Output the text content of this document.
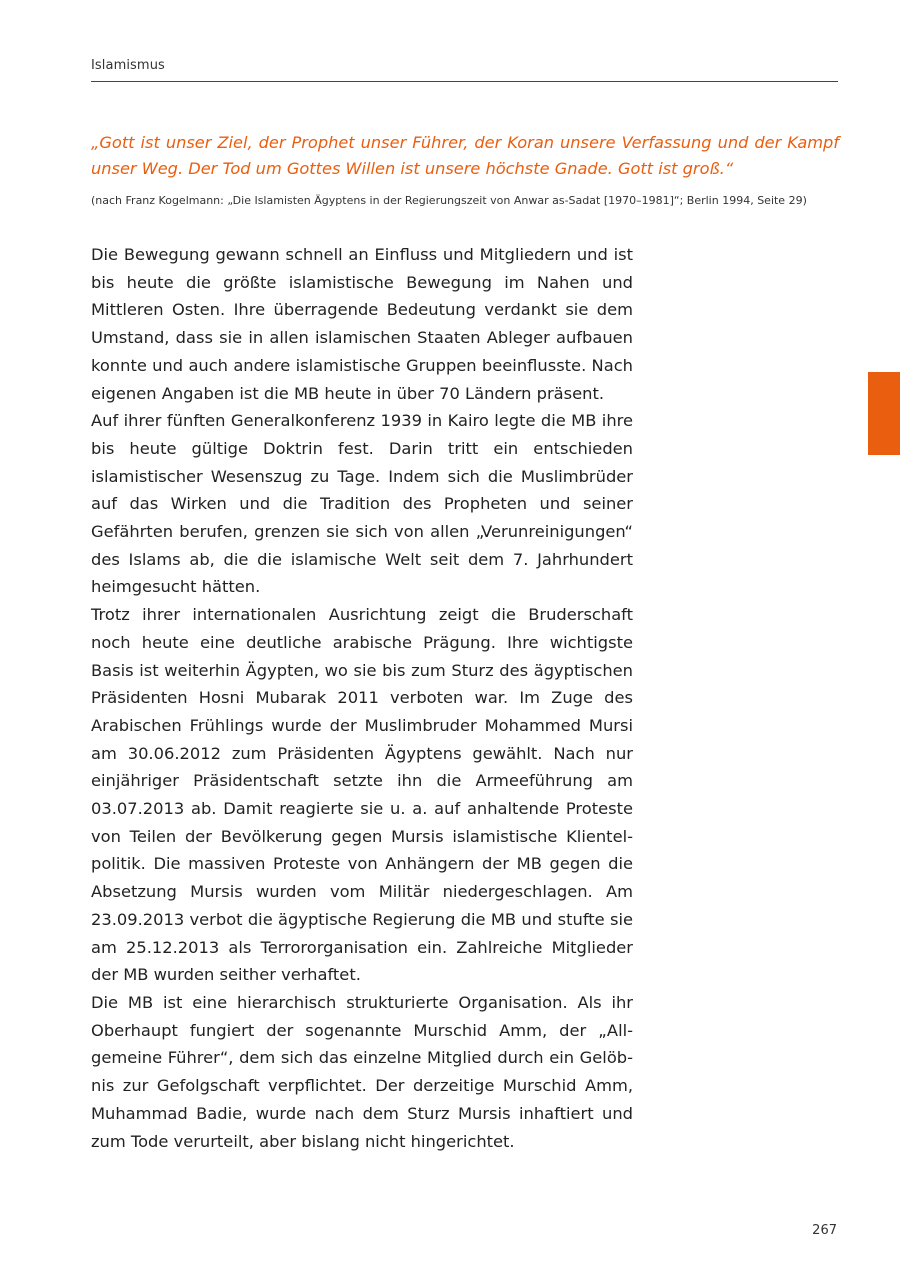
Islamismus

„Gott ist unser Ziel, der Prophet unser Führer, der Koran unsere Verfassung und der Kampf unser Weg. Der Tod um Gottes Willen ist unsere höchste Gnade. Gott ist groß.“

(nach Franz Kogelmann: „Die Islamisten Ägyptens in der Regierungszeit von Anwar as-Sadat [1970–1981]“; Berlin 1994, Seite 29)

Die Bewegung gewann schnell an Einfluss und Mitgliedern und ist bis heute die größte islamistische Bewegung im Nahen und Mittleren Osten. Ihre überragende Bedeutung verdankt sie dem Umstand, dass sie in allen islamischen Staaten Ableger aufbauen konnte und auch andere islamistische Gruppen beeinflusste. Nach eigenen Angaben ist die MB heute in über 70 Ländern präsent.

Auf ihrer fünften Generalkonferenz 1939 in Kairo legte die MB ihre bis heute gültige Doktrin fest. Darin tritt ein entschieden islamistischer Wesenszug zu Tage. Indem sich die Muslimbrüder auf das Wirken und die Tradition des Propheten und seiner Gefährten berufen, grenzen sie sich von allen „Verunreinigungen“ des Islams ab, die die islamische Welt seit dem 7. Jahrhundert heimgesucht hätten.

Trotz ihrer internationalen Ausrichtung zeigt die Bruderschaft noch heute eine deutliche arabische Prägung. Ihre wichtigste Basis ist weiterhin Ägypten, wo sie bis zum Sturz des ägyptischen Präsidenten Hosni Mubarak 2011 verboten war. Im Zuge des Arabischen Frühlings wurde der Muslimbruder Mohammed Mursi am 30.06.2012 zum Präsidenten Ägyptens gewählt. Nach nur einjähriger Präsidentschaft setzte ihn die Armeeführung am 03.07.2013 ab. Damit reagierte sie u. a. auf anhaltende Proteste von Teilen der Bevölkerung gegen Mursis islamistische Klientelpolitik. Die massiven Proteste von Anhängern der MB gegen die Absetzung Mursis wurden vom Militär niedergeschlagen. Am 23.09.2013 verbot die ägyptische Regierung die MB und stufte sie am 25.12.2013 als Terrororganisation ein. Zahlreiche Mitglieder der MB wurden seither verhaftet.

Die MB ist eine hierarchisch strukturierte Organisation. Als ihr Oberhaupt fungiert der sogenannte Murschid Amm, der „Allgemeine Führer“, dem sich das einzelne Mitglied durch ein Gelöbnis zur Gefolgschaft verpflichtet. Der derzeitige Murschid Amm, Muhammad Badie, wurde nach dem Sturz Mursis inhaftiert und zum Tode verurteilt, aber bislang nicht hingerichtet.

267
